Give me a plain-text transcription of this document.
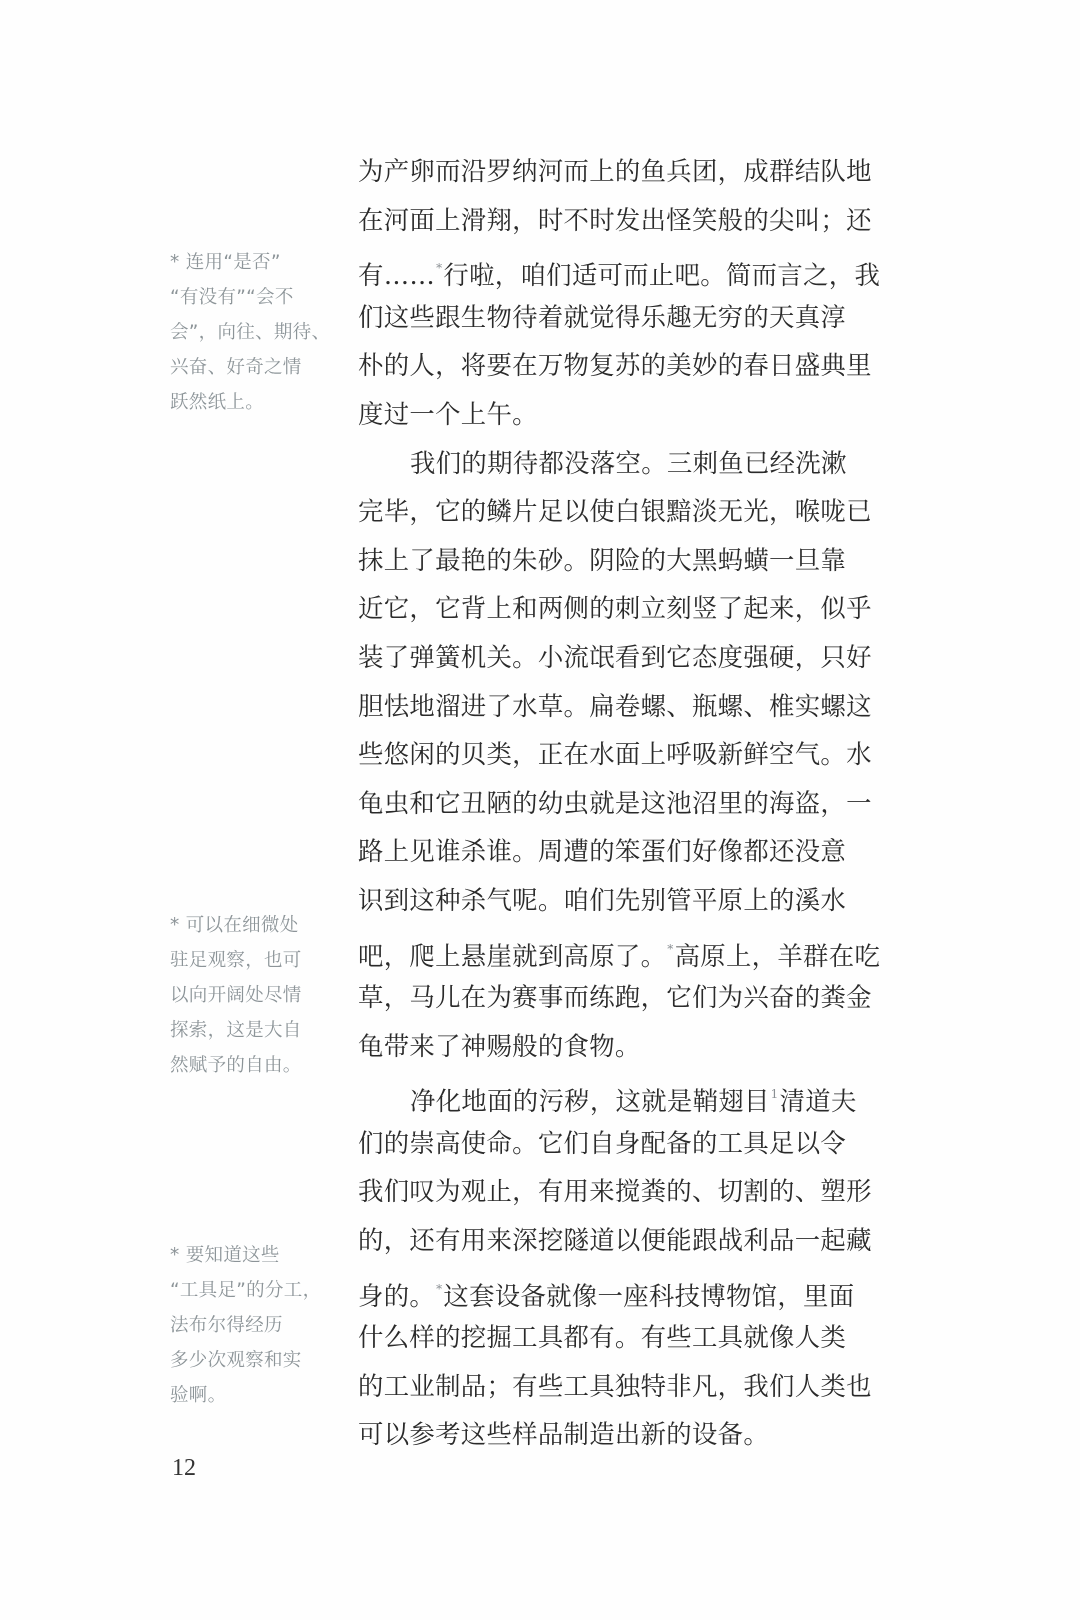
为产卵而沿罗纳河而上的鱼兵团，成群结队地
在河面上滑翔，时不时发出怪笑般的尖叫；还
有……*行啦，咱们适可而止吧。简而言之，我
们这些跟生物待着就觉得乐趣无穷的天真淳
朴的人，将要在万物复苏的美妙的春日盛典里
度过一个上午。
我们的期待都没落空。三刺鱼已经洗漱
完毕，它的鳞片足以使白银黯淡无光，喉咙已
抹上了最艳的朱砂。阴险的大黑蚂蟥一旦靠
近它，它背上和两侧的刺立刻竖了起来，似乎
装了弹簧机关。小流氓看到它态度强硬，只好
胆怯地溜进了水草。扁卷螺、瓶螺、椎实螺这
些悠闲的贝类，正在水面上呼吸新鲜空气。水
龟虫和它丑陋的幼虫就是这池沼里的海盗，一
路上见谁杀谁。周遭的笨蛋们好像都还没意
识到这种杀气呢。咱们先别管平原上的溪水
吧，爬上悬崖就到高原了。*高原上，羊群在吃
草，马儿在为赛事而练跑，它们为兴奋的粪金
龟带来了神赐般的食物。
净化地面的污秽，这就是鞘翅目$^1$清道夫
们的崇高使命。它们自身配备的工具足以令
我们叹为观止，有用来搅粪的、切割的、塑形
的，还有用来深挖隧道以便能跟战利品一起藏
身的。*这套设备就像一座科技博物馆，里面
什么样的挖掘工具都有。有些工具就像人类
的工业制品；有些工具独特非凡，我们人类也
可以参考这些样品制造出新的设备。
* 连用“是否”
“有没有”“会不
会”，向往、期待、
兴奋、好奇之情
跃然纸上。
* 可以在细微处
驻足观察，也可
以向开阔处尽情
探索，这是大自
然赋予的自由。
* 要知道这些
“工具足”的分工，
法布尔得经历
多少次观察和实
验啊。
12
